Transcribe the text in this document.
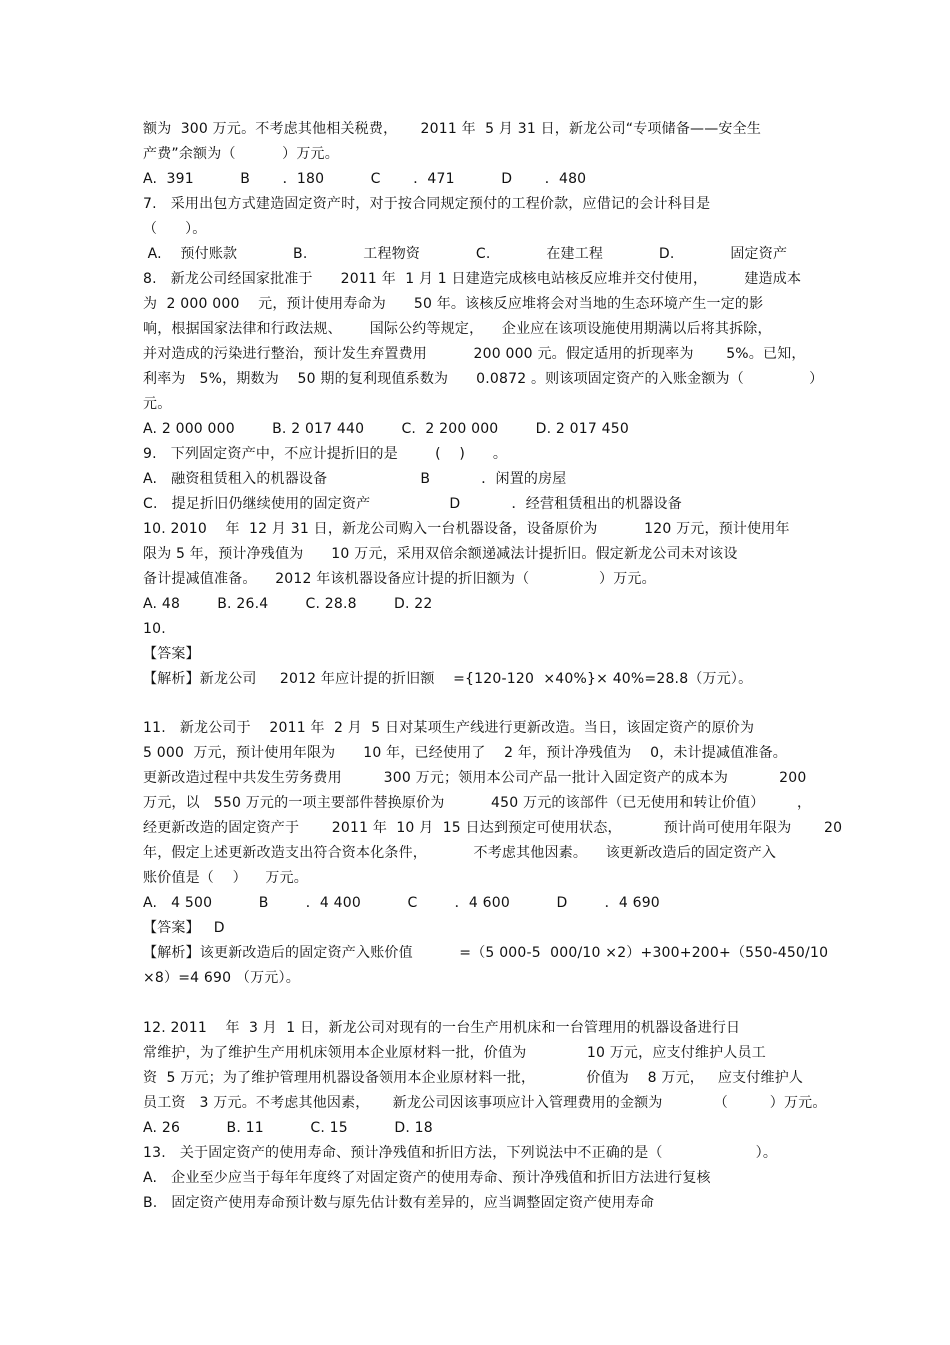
额为  300 万元。不考虑其他相关税费，     2011 年  5 月 31 日，新龙公司“专项储备——安全生
产费”余额为（          ）万元。
A.  391          B       ．180          C       ．471          D       ．480
7.   采用出包方式建造固定资产时，对于按合同规定预付的工程价款，应借记的会计科目是
（      ）。
A.    预付账款            B.            工程物资            C.            在建工程            D.            固定资产
8.   新龙公司经国家批准于      2011 年  1 月 1 日建造完成核电站核反应堆并交付使用，        建造成本
为  2 000 000    元，预计使用寿命为      50 年。该核反应堆将会对当地的生态环境产生一定的影
响，根据国家法律和行政法规、      国际公约等规定，    企业应在该项设施使用期满以后将其拆除，
并对造成的污染进行整治，预计发生弃置费用          200 000 元。假定适用的折现率为       5%。已知，
利率为   5%，期数为    50 期的复利现值系数为      0.0872 。则该项固定资产的入账金额为（              ）
元。
A. 2 000 000        B. 2 017 440        C.  2 200 000        D. 2 017 450
9.   下列固定资产中，不应计提折旧的是        (    )      。
A.   融资租赁租入的机器设备                    B           ．闲置的房屋
C.   提足折旧仍继续使用的固定资产                 D           ．经营租赁租出的机器设备
10. 2010    年  12 月 31 日，新龙公司购入一台机器设备，设备原价为          120 万元，预计使用年
限为 5 年，预计净残值为      10 万元，采用双倍余额递减法计提折旧。假定新龙公司未对该设
备计提减值准备。    2012 年该机器设备应计提的折旧额为（               ）万元。
A. 48        B. 26.4        C. 28.8        D. 22
10.
【答案】
【解析】新龙公司     2012 年应计提的折旧额    ={120-120  ×40%}× 40%=28.8（万元）。
11.   新龙公司于    2011 年  2 月  5 日对某项生产线进行更新改造。当日，该固定资产的原价为
5 000  万元，预计使用年限为      10 年，已经使用了    2 年，预计净残值为    0，未计提减值准备。
更新改造过程中共发生劳务费用         300 万元；领用本公司产品一批计入固定资产的成本为           200
万元，以   550 万元的一项主要部件替换原价为          450 万元的该部件（已无使用和转让价值）       ，
经更新改造的固定资产于       2011 年  10 月  15 日达到预定可使用状态，         预计尚可使用年限为       20
年，假定上述更新改造支出符合资本化条件，          不考虑其他因素。    该更新改造后的固定资产入
账价值是（    ）    万元。
A.   4 500          B        ．4 400          C        ．4 600          D        ．4 690
【答案】   D
【解析】该更新改造后的固定资产入账价值          =（5 000-5  000/10 ×2）+300+200+（550-450/10
×8）=4 690 （万元）。
12. 2011    年  3 月  1 日，新龙公司对现有的一台生产用机床和一台管理用的机器设备进行日
常维护，为了维护生产用机床领用本企业原材料一批，价值为             10 万元，应支付维护人员工
资  5 万元；为了维护管理用机器设备领用本企业原材料一批，           价值为    8 万元，   应支付维护人
员工资   3 万元。不考虑其他因素，     新龙公司因该事项应计入管理费用的金额为           （         ）万元。
A. 26          B. 11          C. 15          D. 18
13.   关于固定资产的使用寿命、预计净残值和折旧方法，下列说法中不正确的是（                    ）。
A.   企业至少应当于每年年度终了对固定资产的使用寿命、预计净残值和折旧方法进行复核
B.   固定资产使用寿命预计数与原先估计数有差异的，应当调整固定资产使用寿命
